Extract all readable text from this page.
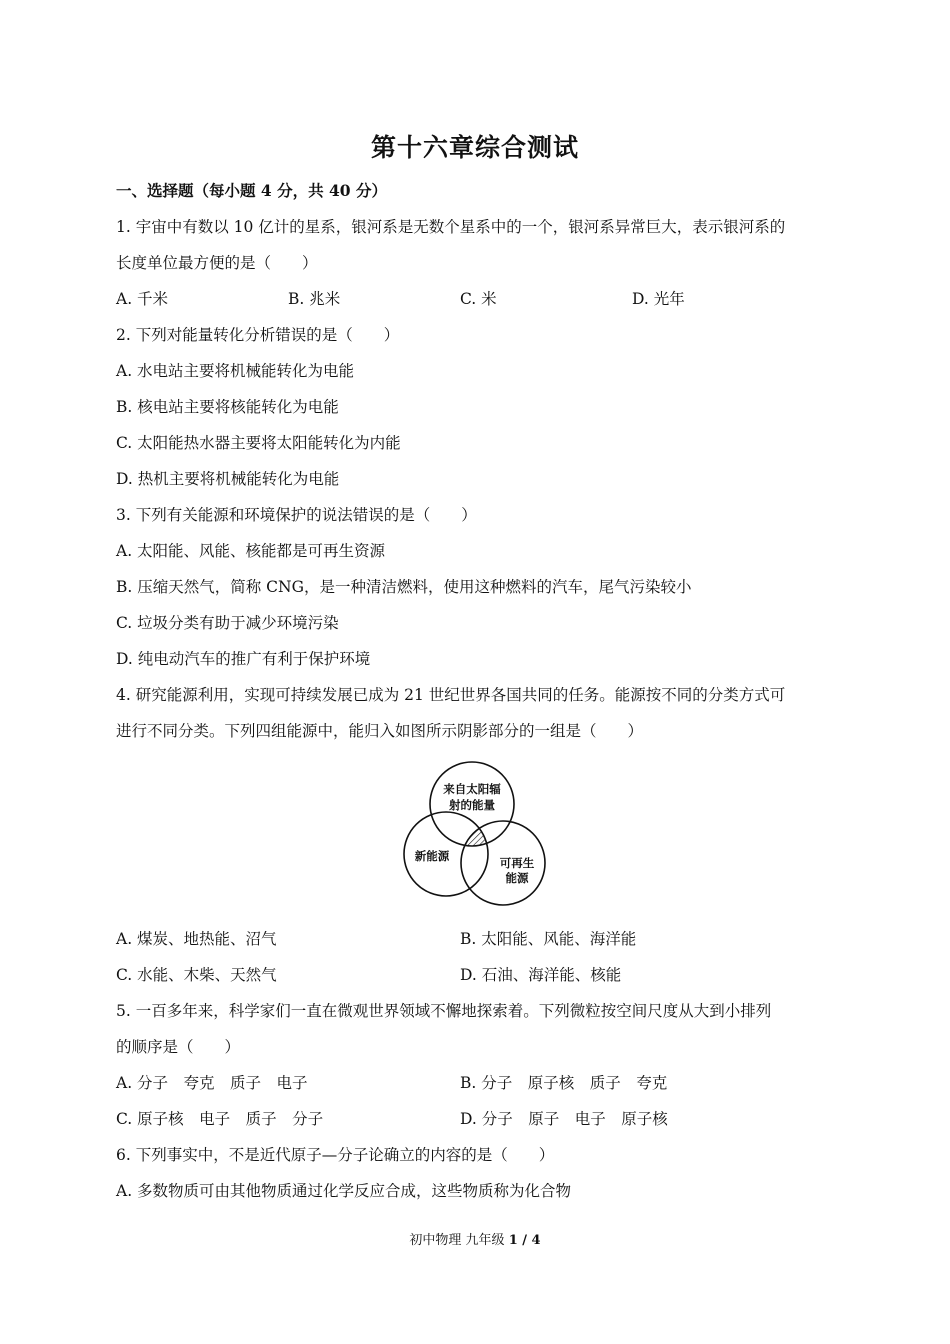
第十六章综合测试
一、选择题（每小题 4 分，共 40 分）
1. 宇宙中有数以 10 亿计的星系，银河系是无数个星系中的一个，银河系异常巨大，表示银河系的
长度单位最方便的是（　　）
A. 千米	B. 兆米	C. 米	D. 光年
2. 下列对能量转化分析错误的是（　　）
A. 水电站主要将机械能转化为电能
B. 核电站主要将核能转化为电能
C. 太阳能热水器主要将太阳能转化为内能
D. 热机主要将机械能转化为电能
3. 下列有关能源和环境保护的说法错误的是（　　）
A. 太阳能、风能、核能都是可再生资源
B. 压缩天然气，简称 CNG，是一种清洁燃料，使用这种燃料的汽车，尾气污染较小
C. 垃圾分类有助于减少环境污染
D. 纯电动汽车的推广有利于保护环境
4. 研究能源利用，实现可持续发展已成为 21 世纪世界各国共同的任务。能源按不同的分类方式可
进行不同分类。下列四组能源中，能归入如图所示阴影部分的一组是（　　）
来自太阳辐
射的能量
新能源	可再生
能源
A. 煤炭、地热能、沼气	B. 太阳能、风能、海洋能
C. 水能、木柴、天然气	D. 石油、海洋能、核能
5. 一百多年来，科学家们一直在微观世界领域不懈地探索着。下列微粒按空间尺度从大到小排列
的顺序是（　　）
A. 分子　夸克　质子　电子	B. 分子　原子核　质子　夸克
C. 原子核　电子　质子　分子	D. 分子　原子　电子　原子核
6. 下列事实中，不是近代原子—分子论确立的内容的是（　　）
A. 多数物质可由其他物质通过化学反应合成，这些物质称为化合物
初中物理 九年级 1 / 4
